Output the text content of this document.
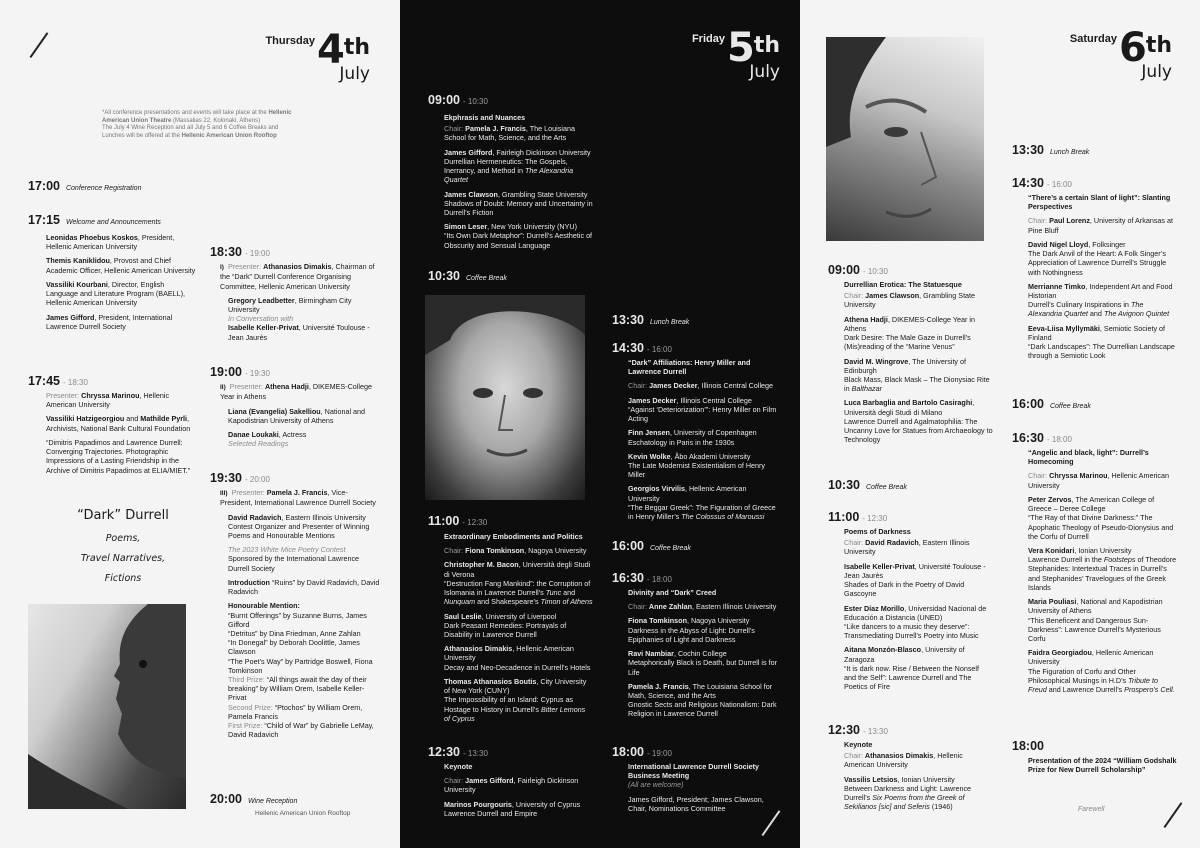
Thursday 4th
July
*All conference presentations and events will take place at the Hellenic American Union Theatre (Massalias 22, Kolonaki, Athens)
The July 4 Wine Reception and all July 5 and 6 Coffee Breaks and Lunches will be offered at the Hellenic American Union Rooftop
17:00 Conference Registration
17:15 Welcome and Announcements

Leonidas Phoebus Koskos, President, Hellenic American University

Themis Kaniklidou, Provost and Chief Academic Officer, Hellenic American University

Vassiliki Kourbani, Director, English Language and Literature Program (BAELL), Hellenic American University

James Gifford, President, International Lawrence Durrell Society

17:45 - 18:30

Presenter: Chryssa Marinou, Hellenic American University

Vassiliki Hatzigeorgiou and Mathilde Pyrli, Archivists, National Bank Cultural Foundation

“Dimitris Papadimos and Lawrence Durrell: Converging Trajectories. Photographic Impressions of a Lasting Friendship in the Archive of Dimitris Papadimos at ELIA/MIET.”

“Dark” Durrell
Poems,
Travel Narratives,
Fictions
18:30 - 19:00

I) Presenter: Athanasios Dimakis, Chairman of the “Dark” Durrell Conference Organising Committee, Hellenic American University

Gregory Leadbetter, Birmingham City University
In Conversation with
Isabelle Keller-Privat, Université Toulouse - Jean Jaurès

19:00 - 19:30

II) Presenter: Athena Hadji, DIKEMES-College Year in Athens

Liana (Evangelia) Sakelliou, National and Kapodistrian University of Athens

Danae Loukaki, Actress
Selected Readings

19:30 - 20:00

III) Presenter: Pamela J. Francis, Vice-President, International Lawrence Durrell Society

David Radavich, Eastern Illinois University Contest Organizer and Presenter of Winning Poems and Honourable Mentions

The 2023 White Mice Poetry Contest
Sponsored by the International Lawrence Durrell Society

Introduction “Ruins” by David Radavich, David Radavich

Honourable Mention:
“Burnt Offerings” by Suzanne Burns, James Gifford
“Detritus” by Dina Friedman, Anne Zahlan
“In Donegal” by Deborah Doolittle, James Clawson
“The Poet’s Way” by Partridge Boswell, Fiona Tomkinson
Third Prize: “All things await the day of their breaking” by William Orem, Isabelle Keller-Privat
Second Prize: “Ptochos” by William Orem, Pamela Francis
First Prize: “Child of War” by Gabrielle LeMay, David Radavich

20:00 Wine Reception

Hellenic American Union Rooftop

Friday 5th
July
09:00 - 10:30

Ekphrasis and Nuances

Chair: Pamela J. Francis, The Louisiana School for Math, Science, and the Arts

James Gifford, Fairleigh Dickinson University
Durrellian Hermeneutics: The Gospels, Inerrancy, and Method in The Alexandria Quartet

James Clawson, Grambling State University
Shadows of Doubt: Memory and Uncertainty in Durrell’s Fiction

Simon Leser, New York University (NYU)
“Its Own Dark Metaphor”: Durrell’s Aesthetic of Obscurity and Sensual Language

10:30 Coffee Break
11:00 - 12:30

Extraordinary Embodiments and Politics

Chair: Fiona Tomkinson, Nagoya University

Christopher M. Bacon, Università degli Studi di Verona
“Destruction Fang Mankind”: the Corruption of Islomania in Lawrence Durrell’s Tunc and Nunquam and Shakespeare’s Timon of Athens

Saul Leslie, University of Liverpool
Dark Peasant Remedies: Portrayals of Disability in Lawrence Durrell

Athanasios Dimakis, Hellenic American University
Decay and Neo-Decadence in Durrell’s Hotels

Thomas Athanasios Boutis, City University of New York (CUNY)
The Impossibility of an Island: Cyprus as Hostage to History in Durrell’s Bitter Lemons of Cyprus

12:30 - 13:30

Keynote

Chair: James Gifford, Fairleigh Dickinson University

Marinos Pourgouris, University of Cyprus
Lawrence Durrell and Empire

13:30 Lunch Break
14:30 - 16:00

“Dark” Affiliations: Henry Miller and Lawrence Durrell

Chair: James Decker, Illinois Central College

James Decker, Illinois Central College
“Against ‘Deteriorization’”: Henry Miller on Film Acting

Finn Jensen, University of Copenhagen
Eschatology in Paris in the 1930s

Kevin Wolke, Åbo Akademi University
The Late Modernist Existentialism of Henry Miller

Georgios Virvilis, Hellenic American University
“The Beggar Greek”: The Figuration of Greece in Henry Miller’s The Colossus of Maroussi

16:00 Coffee Break
16:30 - 18:00

Divinity and “Dark” Creed

Chair: Anne Zahlan, Eastern Illinois University

Fiona Tomkinson, Nagoya University
Darkness in the Abyss of Light: Durrell’s Epiphanies of Light and Darkness

Ravi Nambiar, Cochin College
Metaphorically Black is Death, but Durrell is for Life

Pamela J. Francis, The Louisiana School for Math, Science, and the Arts
Gnostic Sects and Religious Nationalism: Dark Religion in Lawrence Durrell

18:00 - 19:00

International Lawrence Durrell Society Business Meeting
(All are welcome)

James Gifford, President; James Clawson, Chair, Nominations Committee

Saturday 6th
July
09:00 - 10:30

Durrellian Erotica: The Statuesque

Chair: James Clawson, Grambling State University

Athena Hadji, DIKEMES-College Year in Athens
Dark Desire: The Male Gaze in Durrell’s (Mis)reading of the “Marine Venus”

David M. Wingrove, The University of Edinburgh
Black Mass, Black Mask – The Dionysiac Rite in Balthazar

Luca Barbaglia and Bartolo Casiraghi, Università degli Studi di Milano
Lawrence Durrell and Agalmatophilia: The Uncanny Love for Statues from Archaeology to Technology

10:30 Coffee Break
11:00 - 12:30

Poems of Darkness

Chair: David Radavich, Eastern Illinois University

Isabelle Keller-Privat, Université Toulouse - Jean Jaurès
Shades of Dark in the Poetry of David Gascoyne

Ester Díaz Morillo, Universidad Nacional de Educación a Distancia (UNED)
“Like dancers to a music they deserve”: Transmediating Durrell’s Poetry into Music

Aitana Monzón-Blasco, University of Zaragoza
“It is dark now. Rise / Between the Nonself and the Self”: Lawrence Durrell and The Poetics of Fire

12:30 - 13:30

Keynote

Chair: Athanasios Dimakis, Hellenic American University

Vassilis Letsios, Ionian University
Between Darkness and Light: Lawrence Durrell’s Six Poems from the Greek of Sekilianos [sic] and Seferis (1946)

13:30 Lunch Break
14:30 - 16:00

“There’s a certain Slant of light”: Slanting Perspectives

Chair: Paul Lorenz, University of Arkansas at Pine Bluff

David Nigel Lloyd, Folksinger
The Dark Anvil of the Heart: A Folk Singer’s Appreciation of Lawrence Durrell’s Struggle with Nothingness

Merrianne Timko, Independent Art and Food Historian
Durrell’s Culinary Inspirations in The Alexandria Quartet and The Avignon Quintet

Eeva-Liisa Myllymäki, Semiotic Society of Finland
“Dark Landscapes”: The Durrellian Landscape through a Semiotic Look

16:00 Coffee Break
16:30 - 18:00

“Angelic and black, light”: Durrell’s Homecoming

Chair: Chryssa Marinou, Hellenic American University

Peter Zervos, The American College of Greece – Deree College
“The Ray of that Divine Darkness:” The Apophatic Theology of Pseudo-Dionysius and the Corfu of Durrell

Vera Konidari, Ionian University
Lawrence Durrell in the Footsteps of Theodore Stephanides: Intertextual Traces in Durrell’s and Stephanides’ Travelogues of the Greek Islands

Maria Pouliasi, National and Kapodistrian University of Athens
“This Beneficent and Dangerous Sun-Darkness”: Lawrence Durrell’s Mysterious Corfu

Faidra Georgiadou, Hellenic American University
The Figuration of Corfu and Other Philosophical Musings in H.D’s Tribute to Freud and Lawrence Durrell’s Prospero’s Cell.

18:00

Presentation of the 2024 “William Godshalk Prize for New Durrell Scholarship”

Farewell
